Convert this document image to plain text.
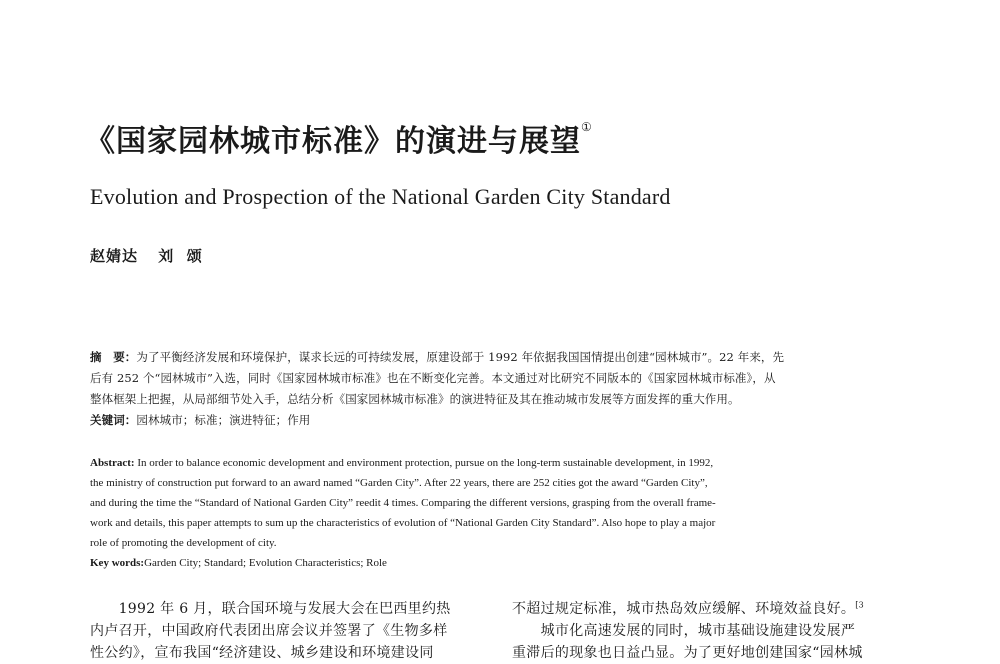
《国家园林城市标准》的演进与展望①
Evolution and Prospection of the National Garden City Standard
赵婧达 刘  颂
摘　要：为了平衡经济发展和环境保护，谋求长远的可持续发展，原建设部于 1992 年依据我国国情提出创建“园林城市”。22 年来，先
后有 252 个“园林城市”入选，同时《国家园林城市标准》也在不断变化完善。本文通过对比研究不同版本的《国家园林城市标准》，从
整体框架上把握，从局部细节处入手，总结分析《国家园林城市标准》的演进特征及其在推动城市发展等方面发挥的重大作用。
关键词：园林城市；标准；演进特征；作用
Abstract: In order to balance economic development and environment protection, pursue on the long-term sustainable development, in 1992,
the ministry of construction put forward to an award named “Garden City”. After 22 years, there are 252 cities got the award “Garden City”,
and during the time the “Standard of National Garden City” reedit 4 times. Comparing the different versions, grasping from the overall frame-
work and details, this paper attempts to sum up the characteristics of evolution of “National Garden City Standard”. Also hope to play a major
role of promoting the development of city.
Key words:Garden City; Standard; Evolution Characteristics; Role
　　1992 年 6 月，联合国环境与发展大会在巴西里约热
内卢召开，中国政府代表团出席会议并签署了《生物多样
性公约》，宣布我国“经济建设、城乡建设和环境建设同
不超过规定标准，城市热岛效应缓解、环境效益良好。$^{[3}$
　　城市化高速发展的同时，城市基础设施建设发展严
重滞后的现象也日益凸显。为了更好地创建国家“园林城
